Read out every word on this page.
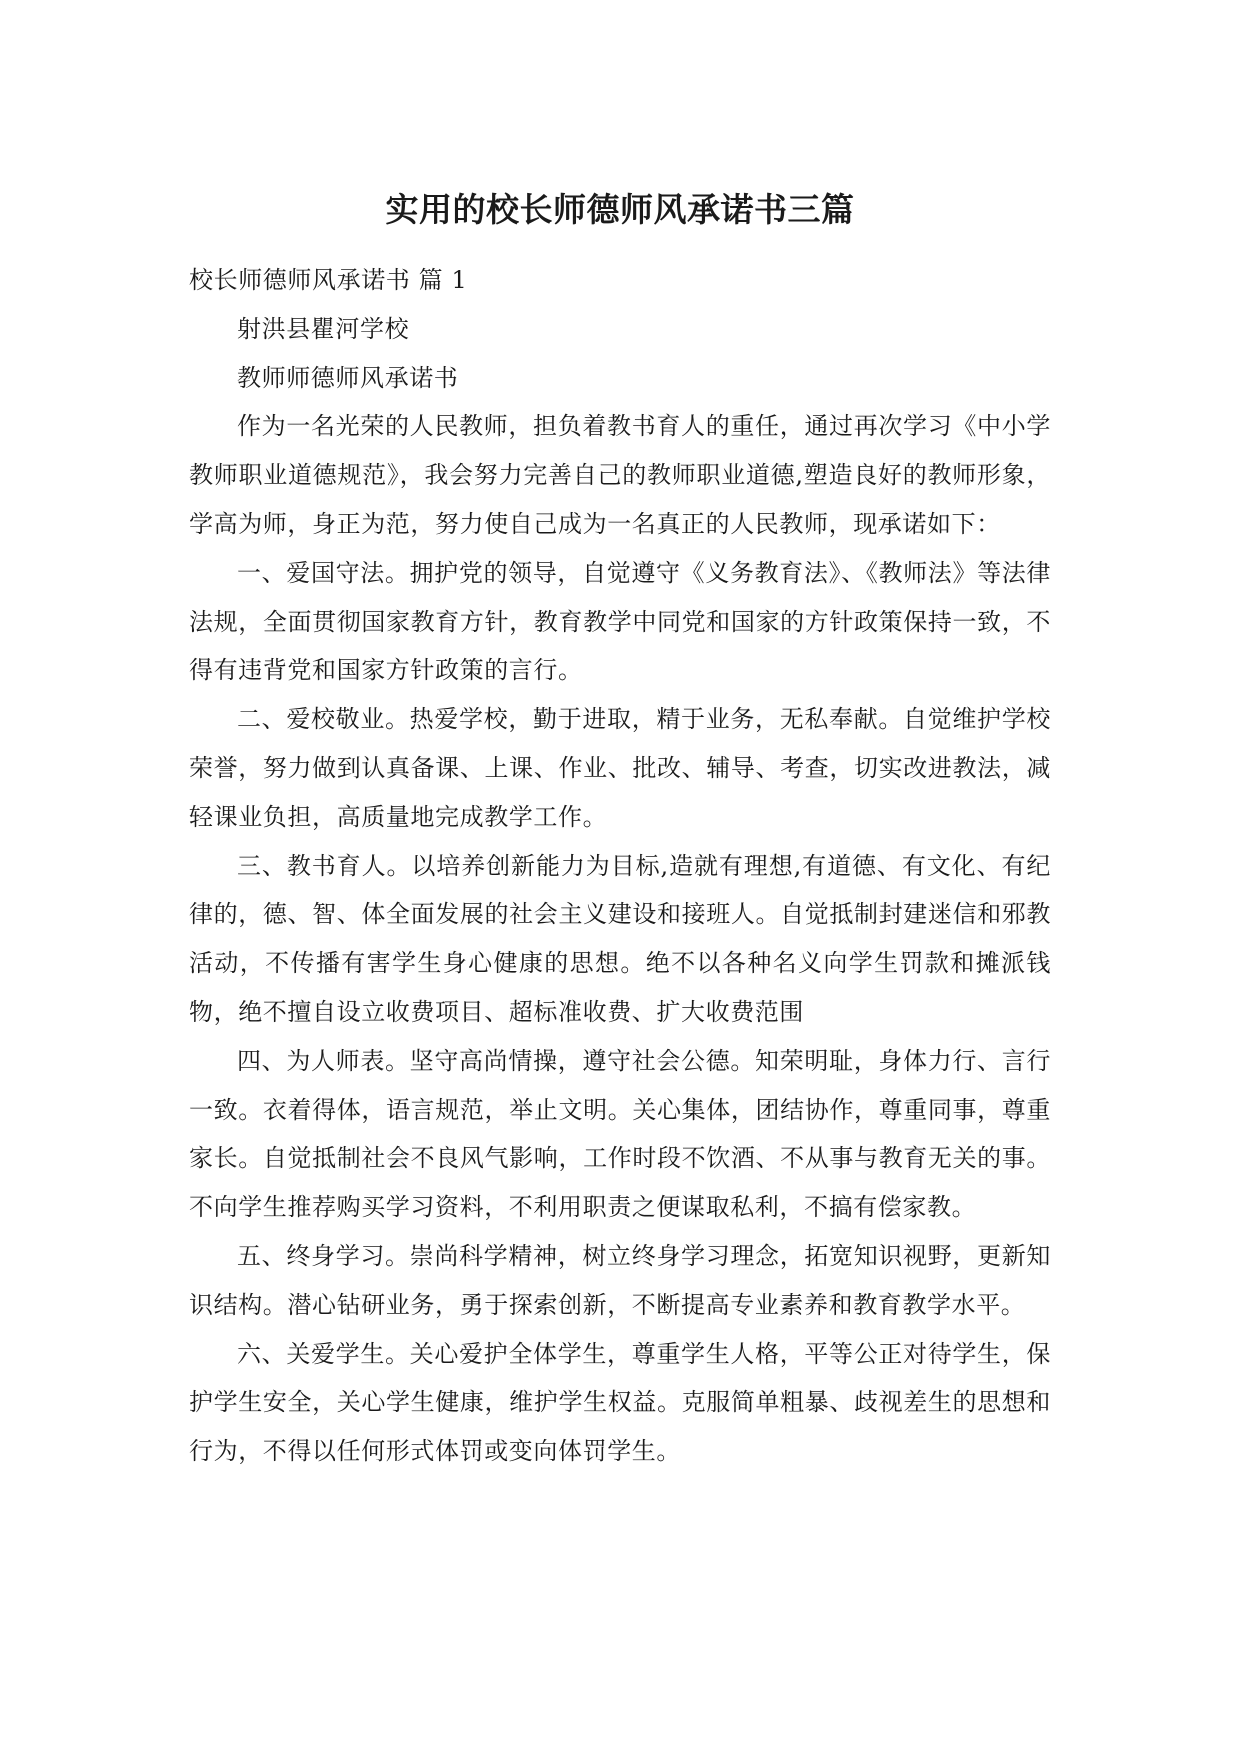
实用的校长师德师风承诺书三篇

校长师德师风承诺书 篇 1

射洪县瞿河学校

教师师德师风承诺书

作为一名光荣的人民教师，担负着教书育人的重任，通过再次学习《中小学教师职业道德规范》，我会努力完善自己的教师职业道德,塑造良好的教师形象，学高为师，身正为范，努力使自己成为一名真正的人民教师，现承诺如下：

一、爱国守法。拥护党的领导，自觉遵守《义务教育法》、《教师法》等法律法规，全面贯彻国家教育方针，教育教学中同党和国家的方针政策保持一致，不得有违背党和国家方针政策的言行。

二、爱校敬业。热爱学校，勤于进取，精于业务，无私奉献。自觉维护学校荣誉，努力做到认真备课、上课、作业、批改、辅导、考查，切实改进教法，减轻课业负担，高质量地完成教学工作。

三、教书育人。以培养创新能力为目标,造就有理想,有道德、有文化、有纪律的，德、智、体全面发展的社会主义建设和接班人。自觉抵制封建迷信和邪教活动，不传播有害学生身心健康的思想。绝不以各种名义向学生罚款和摊派钱物，绝不擅自设立收费项目、超标准收费、扩大收费范围

四、为人师表。坚守高尚情操，遵守社会公德。知荣明耻，身体力行、言行一致。衣着得体，语言规范，举止文明。关心集体，团结协作，尊重同事，尊重家长。自觉抵制社会不良风气影响，工作时段不饮酒、不从事与教育无关的事。不向学生推荐购买学习资料，不利用职责之便谋取私利，不搞有偿家教。

五、终身学习。崇尚科学精神，树立终身学习理念，拓宽知识视野，更新知识结构。潜心钻研业务，勇于探索创新，不断提高专业素养和教育教学水平。

六、关爱学生。关心爱护全体学生，尊重学生人格，平等公正对待学生，保护学生安全，关心学生健康，维护学生权益。克服简单粗暴、歧视差生的思想和行为，不得以任何形式体罚或变向体罚学生。
